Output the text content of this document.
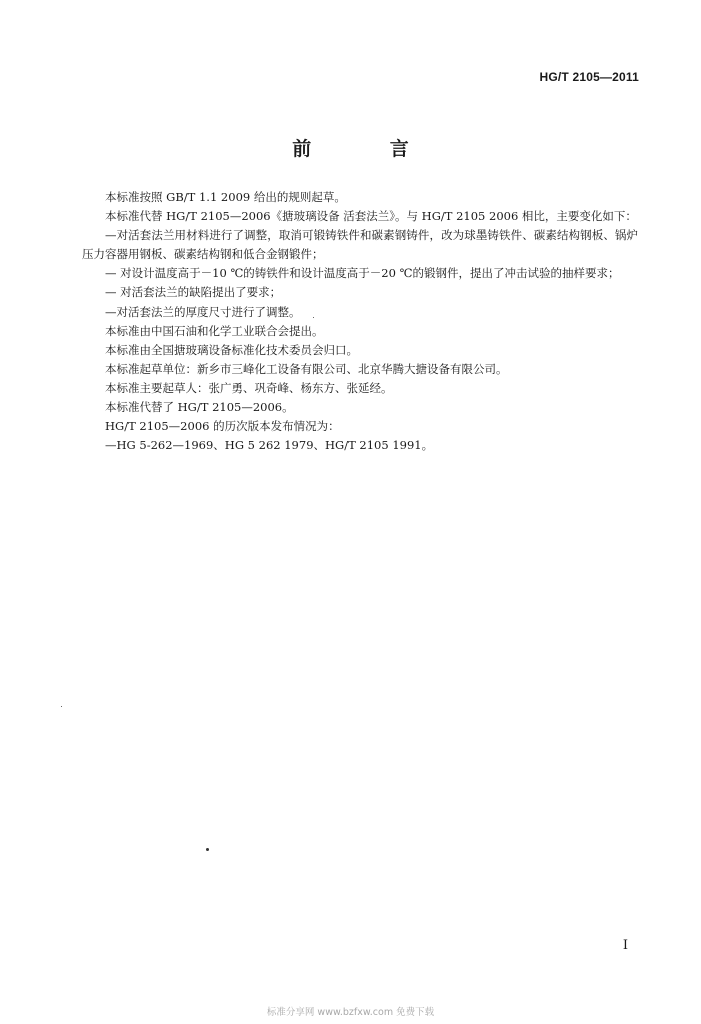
HG/T 2105—2011
前 言

本标准按照 GB/T 1.1 2009 给出的规则起草。

本标准代替 HG/T 2105—2006《搪玻璃设备 活套法兰》。与 HG/T 2105 2006 相比，主要变化如下：

—对活套法兰用材料进行了调整，取消可锻铸铁件和碳素钢铸件，改为球墨铸铁件、碳素结构钢板、锅炉压力容器用钢板、碳素结构钢和低合金钢锻件；

— 对设计温度高于－10 ℃的铸铁件和设计温度高于－20 ℃的锻钢件，提出了冲击试验的抽样要求；

— 对活套法兰的缺陷提出了要求；

—对活套法兰的厚度尺寸进行了调整。

本标准由中国石油和化学工业联合会提出。

本标准由全国搪玻璃设备标准化技术委员会归口。

本标准起草单位：新乡市三峰化工设备有限公司、北京华腾大搪设备有限公司。

本标准主要起草人：张广勇、巩奇峰、杨东方、张延经。

本标准代替了 HG/T 2105—2006。

HG/T 2105—2006 的历次版本发布情况为：

—HG 5-262—1969、HG 5 262 1979、HG/T 2105 1991。

I
标准分享网 www.bzfxw.com 免费下载
